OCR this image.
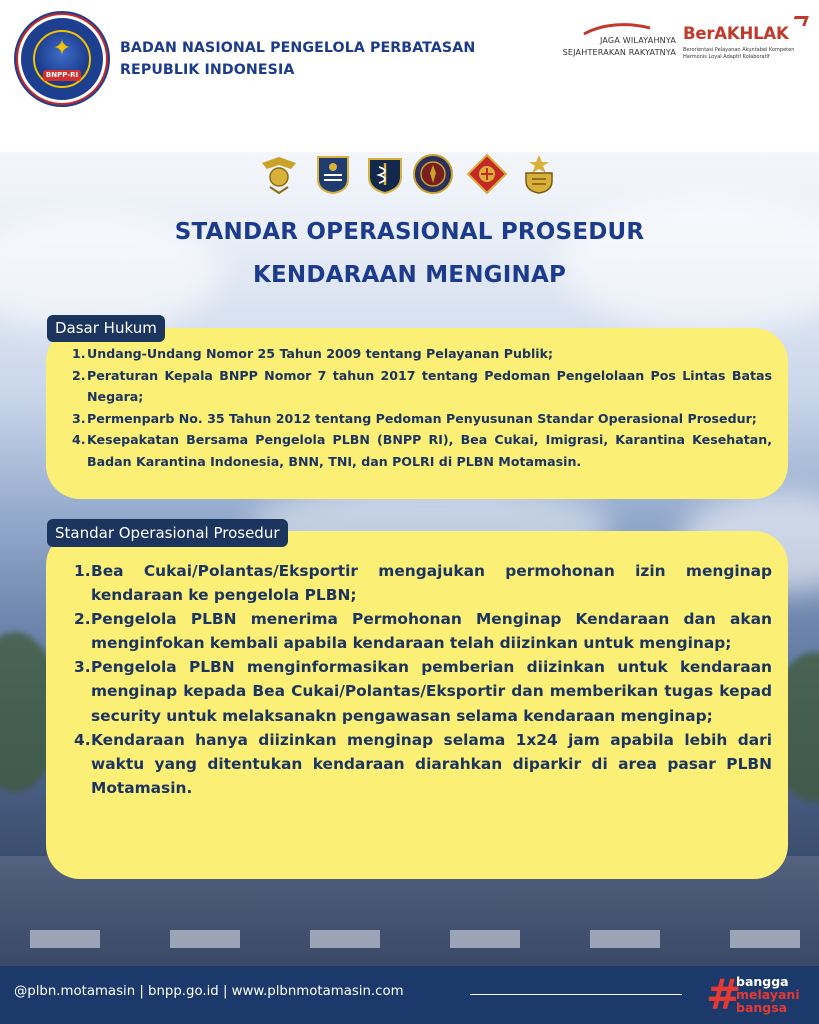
✦
BNPP-RI
BADAN NASIONAL PENGELOLA PERBATASAN
REPUBLIK INDONESIA
JAGA WILAYAHNYA
SEJAHTERAKAN RAKYATNYA
BerAKHLAK
Berorientasi Pelayanan Akuntabel Kompeten
Harmonis Loyal Adaptif Kolaboratif
STANDAR OPERASIONAL PROSEDUR
KENDARAAN MENGINAP
Dasar Hukum
1. Undang-Undang Nomor 25 Tahun 2009 tentang Pelayanan Publik;
2. Peraturan Kepala BNPP Nomor 7 tahun 2017 tentang Pedoman Pengelolaan Pos Lintas Batas Negara;
3. Permenparb No. 35 Tahun 2012 tentang Pedoman Penyusunan Standar Operasional Prosedur;
4. Kesepakatan Bersama Pengelola PLBN (BNPP RI), Bea Cukai, Imigrasi, Karantina Kesehatan, Badan Karantina Indonesia, BNN, TNI, dan POLRI di PLBN Motamasin.
Standar Operasional Prosedur
1. Bea Cukai/Polantas/Eksportir mengajukan permohonan izin menginap kendaraan ke pengelola PLBN;
2. Pengelola PLBN menerima Permohonan Menginap Kendaraan dan akan menginfokan kembali apabila kendaraan telah diizinkan untuk menginap;
3. Pengelola PLBN menginformasikan pemberian diizinkan untuk kendaraan menginap kepada Bea Cukai/Polantas/Eksportir dan memberikan tugas kepad security untuk melaksanakn pengawasan selama kendaraan menginap;
4. Kendaraan hanya diizinkan menginap selama 1x24 jam apabila lebih dari waktu yang ditentukan kendaraan diarahkan diparkir di area pasar PLBN Motamasin.
@plbn.motamasin | bnpp.go.id | www.plbnmotamasin.com	#
bangga
melayani
bangsa
